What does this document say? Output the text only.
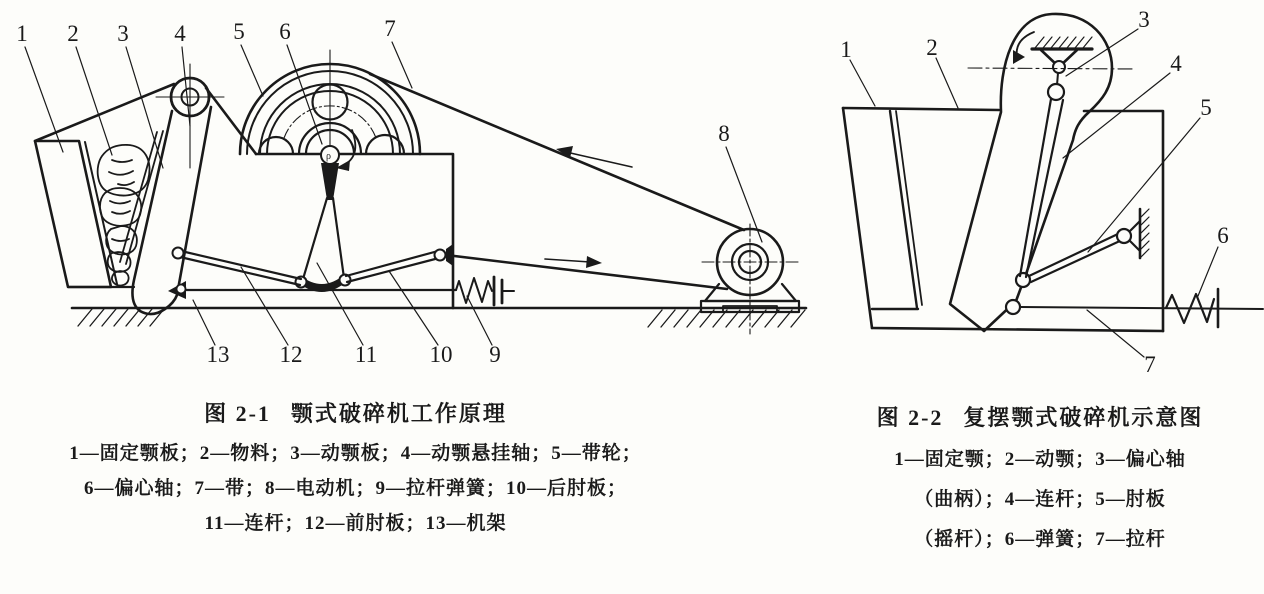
ρ
1 2 3 4 5 6	7
8
9
10
11
12
13
1	2
3
4
5
6
7
图 2-1 颚式破碎机工作原理
1—固定颚板；2—物料；3—动颚板；4—动颚悬挂轴；5—带轮；
6—偏心轴；7—带；8—电动机；9—拉杆弹簧；10—后肘板；
11—连杆；12—前肘板；13—机架
图 2-2 复摆颚式破碎机示意图
1—固定颚；2—动颚；3—偏心轴
（曲柄）；4—连杆；5—肘板
（摇杆）；6—弹簧；7—拉杆
